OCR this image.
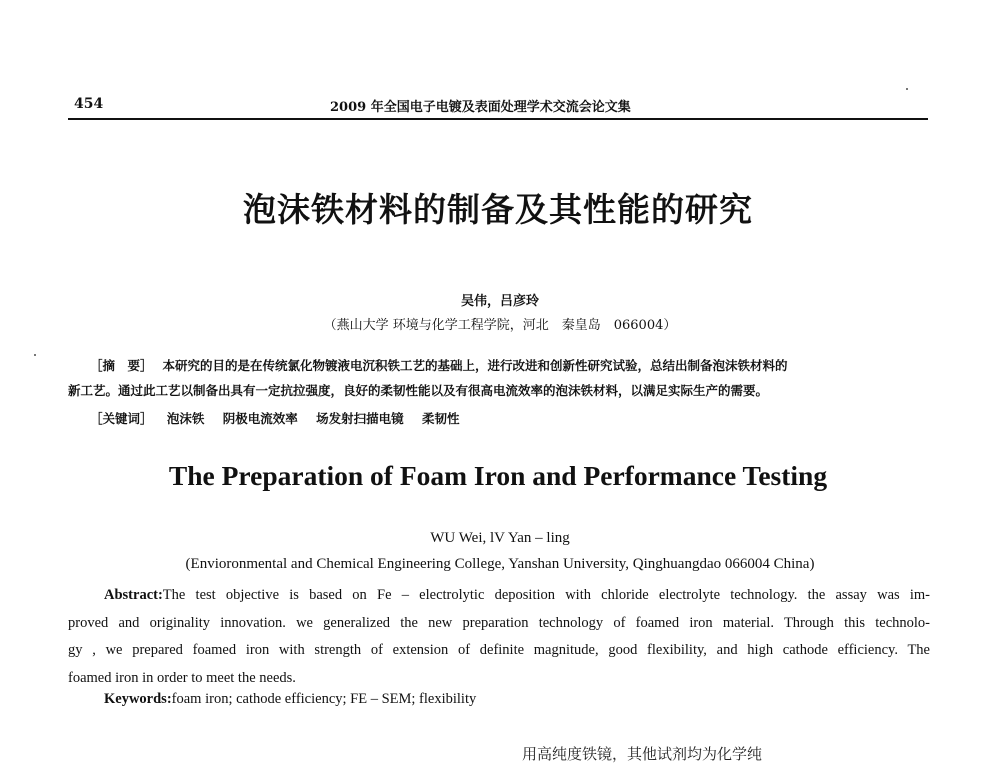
454	2009 年全国电子电镀及表面处理学术交流会论文集
泡沫铁材料的制备及其性能的研究
吴伟，吕彦玲
（燕山大学 环境与化学工程学院，河北　秦皇岛　066004）
［摘　要］ 本研究的目的是在传统氯化物镀液电沉积铁工艺的基础上，进行改进和创新性研究试验，总结出制备泡沫铁材料的
新工艺。通过此工艺以制备出具有一定抗拉强度，良好的柔韧性能以及有很高电流效率的泡沫铁材料，以满足实际生产的需要。
［关键词］ 泡沫铁 阴极电流效率 场发射扫描电镜 柔韧性
The Preparation of Foam Iron and Performance Testing
WU Wei, lV Yan – ling
(Envioronmental and Chemical Engineering College, Yanshan University, Qinghuangdao 066004 China)
Abstract:The test objective is based on Fe – electrolytic deposition with chloride electrolyte technology. the assay was im-
proved and originality innovation. we generalized the new preparation technology of foamed iron material. Through this technolo-
gy , we prepared foamed iron with strength of extension of definite magnitude, good flexibility, and high cathode efficiency. The
foamed iron in order to meet the needs.
Keywords:foam iron; cathode efficiency; FE – SEM; flexibility
用高纯度铁镜，其他试剂均为化学纯
